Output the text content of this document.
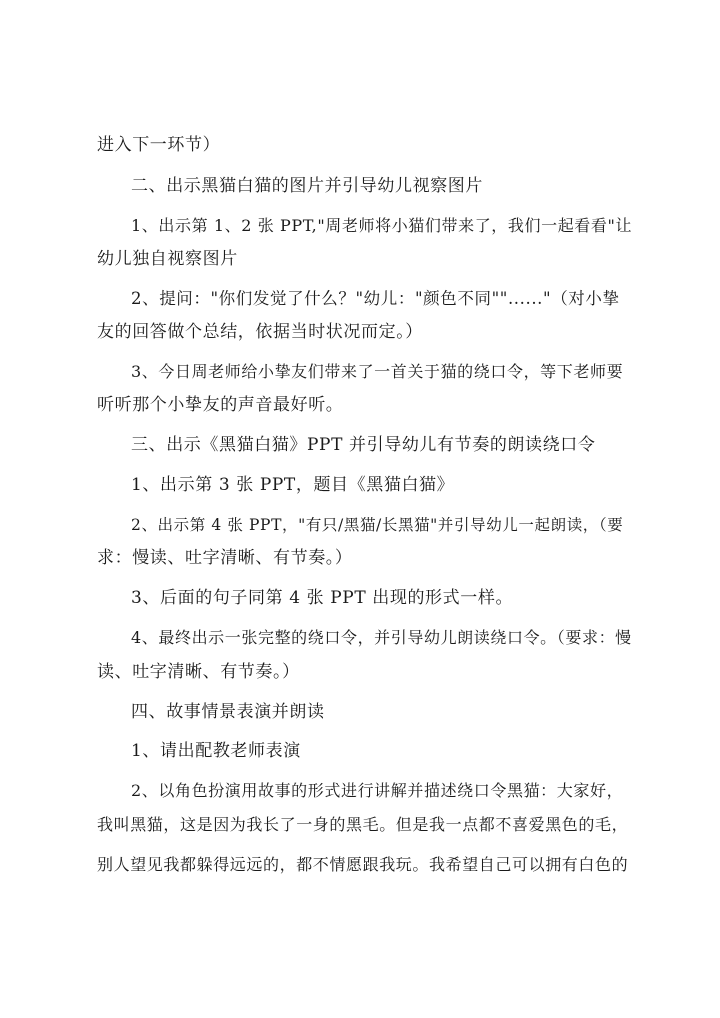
进入下一环节）
二、出示黑猫白猫的图片并引导幼儿视察图片
1、出示第 1、2 张 PPT,"周老师将小猫们带来了，我们一起看看"让
幼儿独自视察图片
2、提问："你们发觉了什么？"幼儿："颜色不同""......"（对小挚
友的回答做个总结，依据当时状况而定。）
3、今日周老师给小挚友们带来了一首关于猫的绕口令，等下老师要
听听那个小挚友的声音最好听。
三、出示《黑猫白猫》PPT 并引导幼儿有节奏的朗读绕口令
1、出示第 3 张 PPT，题目《黑猫白猫》
2、出示第 4 张 PPT，"有只/黑猫/长黑猫"并引导幼儿一起朗读，（要
求：慢读、吐字清晰、有节奏。）
3、后面的句子同第 4 张 PPT 出现的形式一样。
4、最终出示一张完整的绕口令，并引导幼儿朗读绕口令。（要求：慢
读、吐字清晰、有节奏。）
四、故事情景表演并朗读
1、请出配教老师表演
2、以角色扮演用故事的形式进行讲解并描述绕口令黑猫：大家好，
我叫黑猫，这是因为我长了一身的黑毛。但是我一点都不喜爱黑色的毛，
别人望见我都躲得远远的，都不情愿跟我玩。我希望自己可以拥有白色的
